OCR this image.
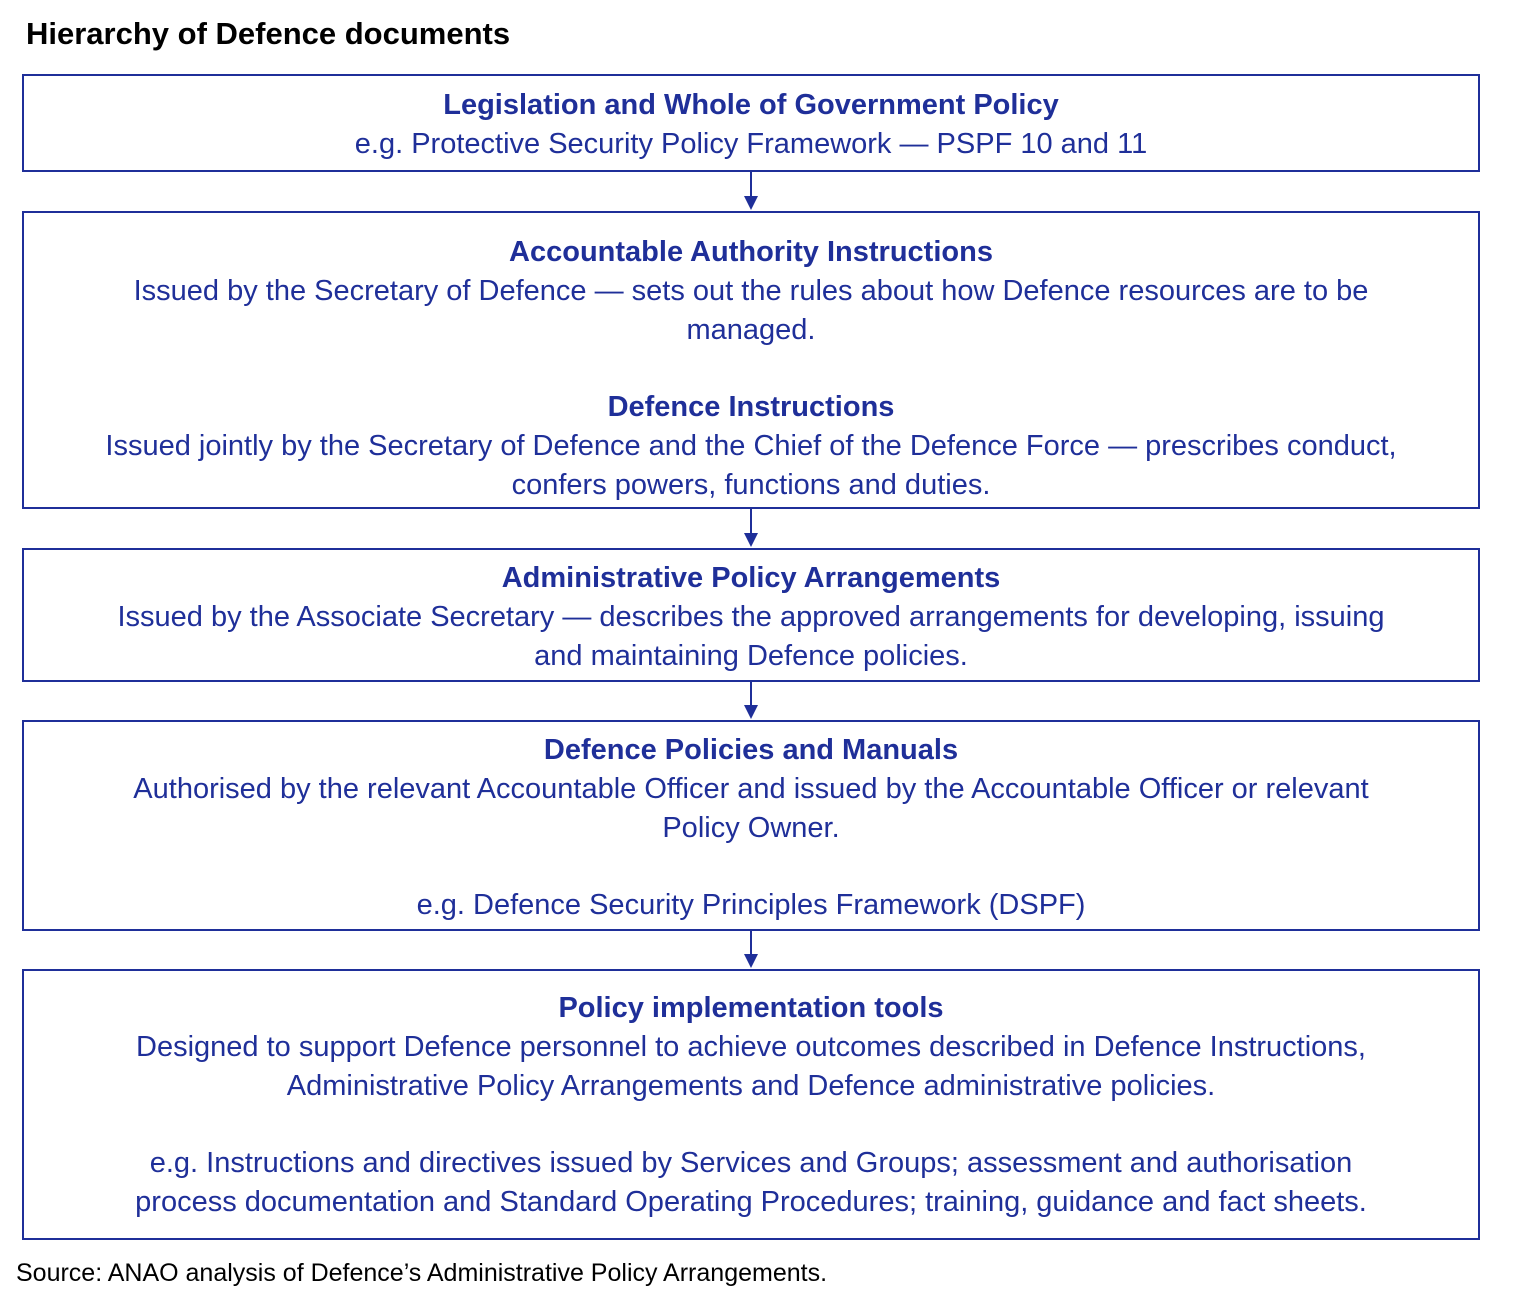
Hierarchy of Defence documents
Legislation and Whole of Government Policy
e.g. Protective Security Policy Framework — PSPF 10 and 11
Accountable Authority Instructions
Issued by the Secretary of Defence — sets out the rules about how Defence resources are to be
managed.
Defence Instructions
Issued jointly by the Secretary of Defence and the Chief of the Defence Force — prescribes conduct,
confers powers, functions and duties.
Administrative Policy Arrangements
Issued by the Associate Secretary — describes the approved arrangements for developing, issuing
and maintaining Defence policies.
Defence Policies and Manuals
Authorised by the relevant Accountable Officer and issued by the Accountable Officer or relevant
Policy Owner.
e.g. Defence Security Principles Framework (DSPF)
Policy implementation tools
Designed to support Defence personnel to achieve outcomes described in Defence Instructions,
Administrative Policy Arrangements and Defence administrative policies.
e.g. Instructions and directives issued by Services and Groups; assessment and authorisation
process documentation and Standard Operating Procedures; training, guidance and fact sheets.

Source: ANAO analysis of Defence’s Administrative Policy Arrangements.
